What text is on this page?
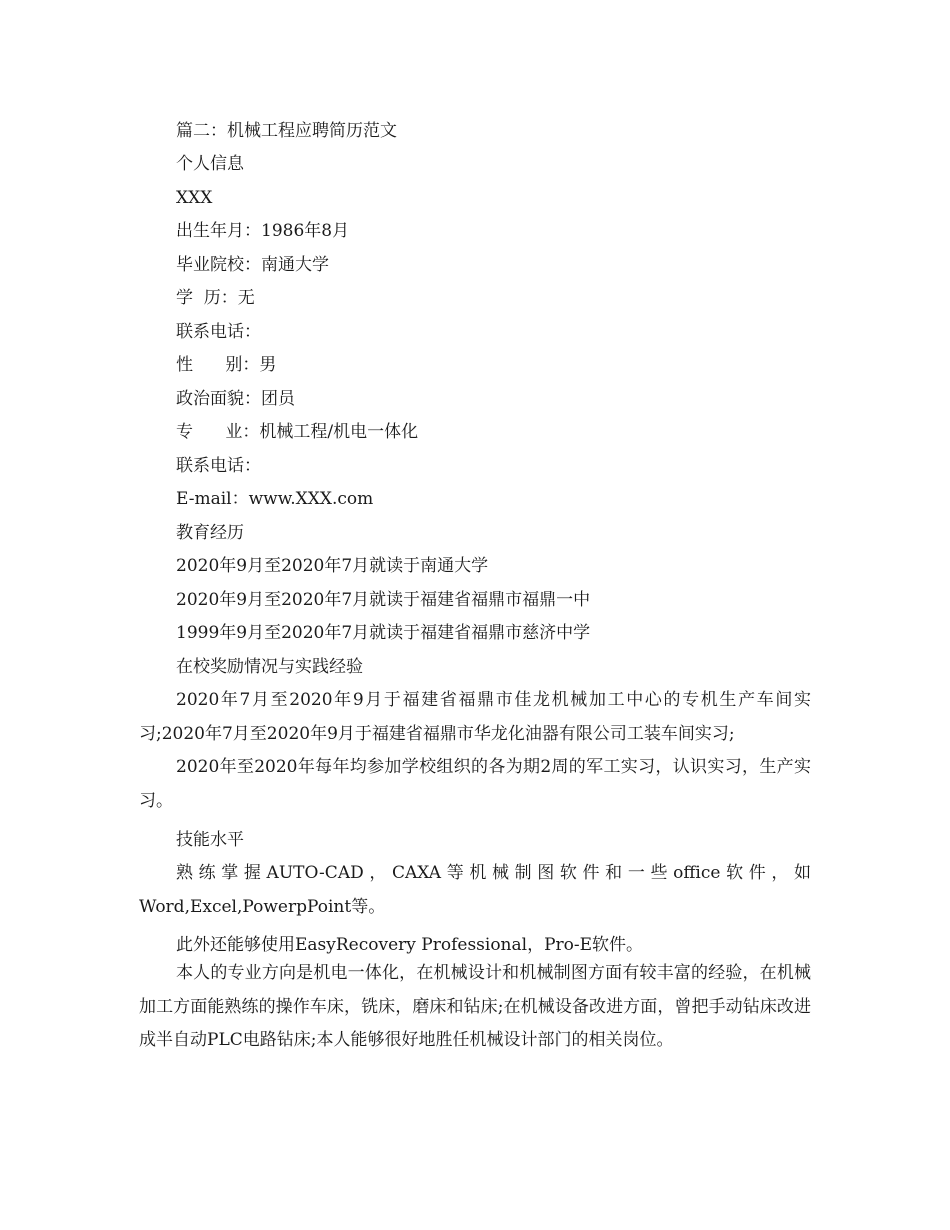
篇二：机械工程应聘简历范文
个人信息
XXX
出生年月：1986年8月
毕业院校：南通大学
学  历：无
联系电话：
性      别：男
政治面貌：团员
专      业：机械工程/机电一体化
联系电话：
E-mail：www.XXX.com
教育经历
2020年9月至2020年7月就读于南通大学
2020年9月至2020年7月就读于福建省福鼎市福鼎一中
1999年9月至2020年7月就读于福建省福鼎市慈济中学
在校奖励情况与实践经验

2020年7月至2020年9月于福建省福鼎市佳龙机械加工中心的专机生产车间实习;2020年7月至2020年9月于福建省福鼎市华龙化油器有限公司工装车间实习;

2020年至2020年每年均参加学校组织的各为期2周的军工实习，认识实习，生产实习。

技能水平

熟练掌握AUTO-CAD，CAXA等机械制图软件和一些office软件，如Word,Excel,PowerpPoint等。

此外还能够使用EasyRecovery Professional，Pro-E软件。

本人的专业方向是机电一体化，在机械设计和机械制图方面有较丰富的经验，在机械加工方面能熟练的操作车床，铣床，磨床和钻床;在机械设备改进方面，曾把手动钻床改进成半自动PLC电路钻床;本人能够很好地胜任机械设计部门的相关岗位。
